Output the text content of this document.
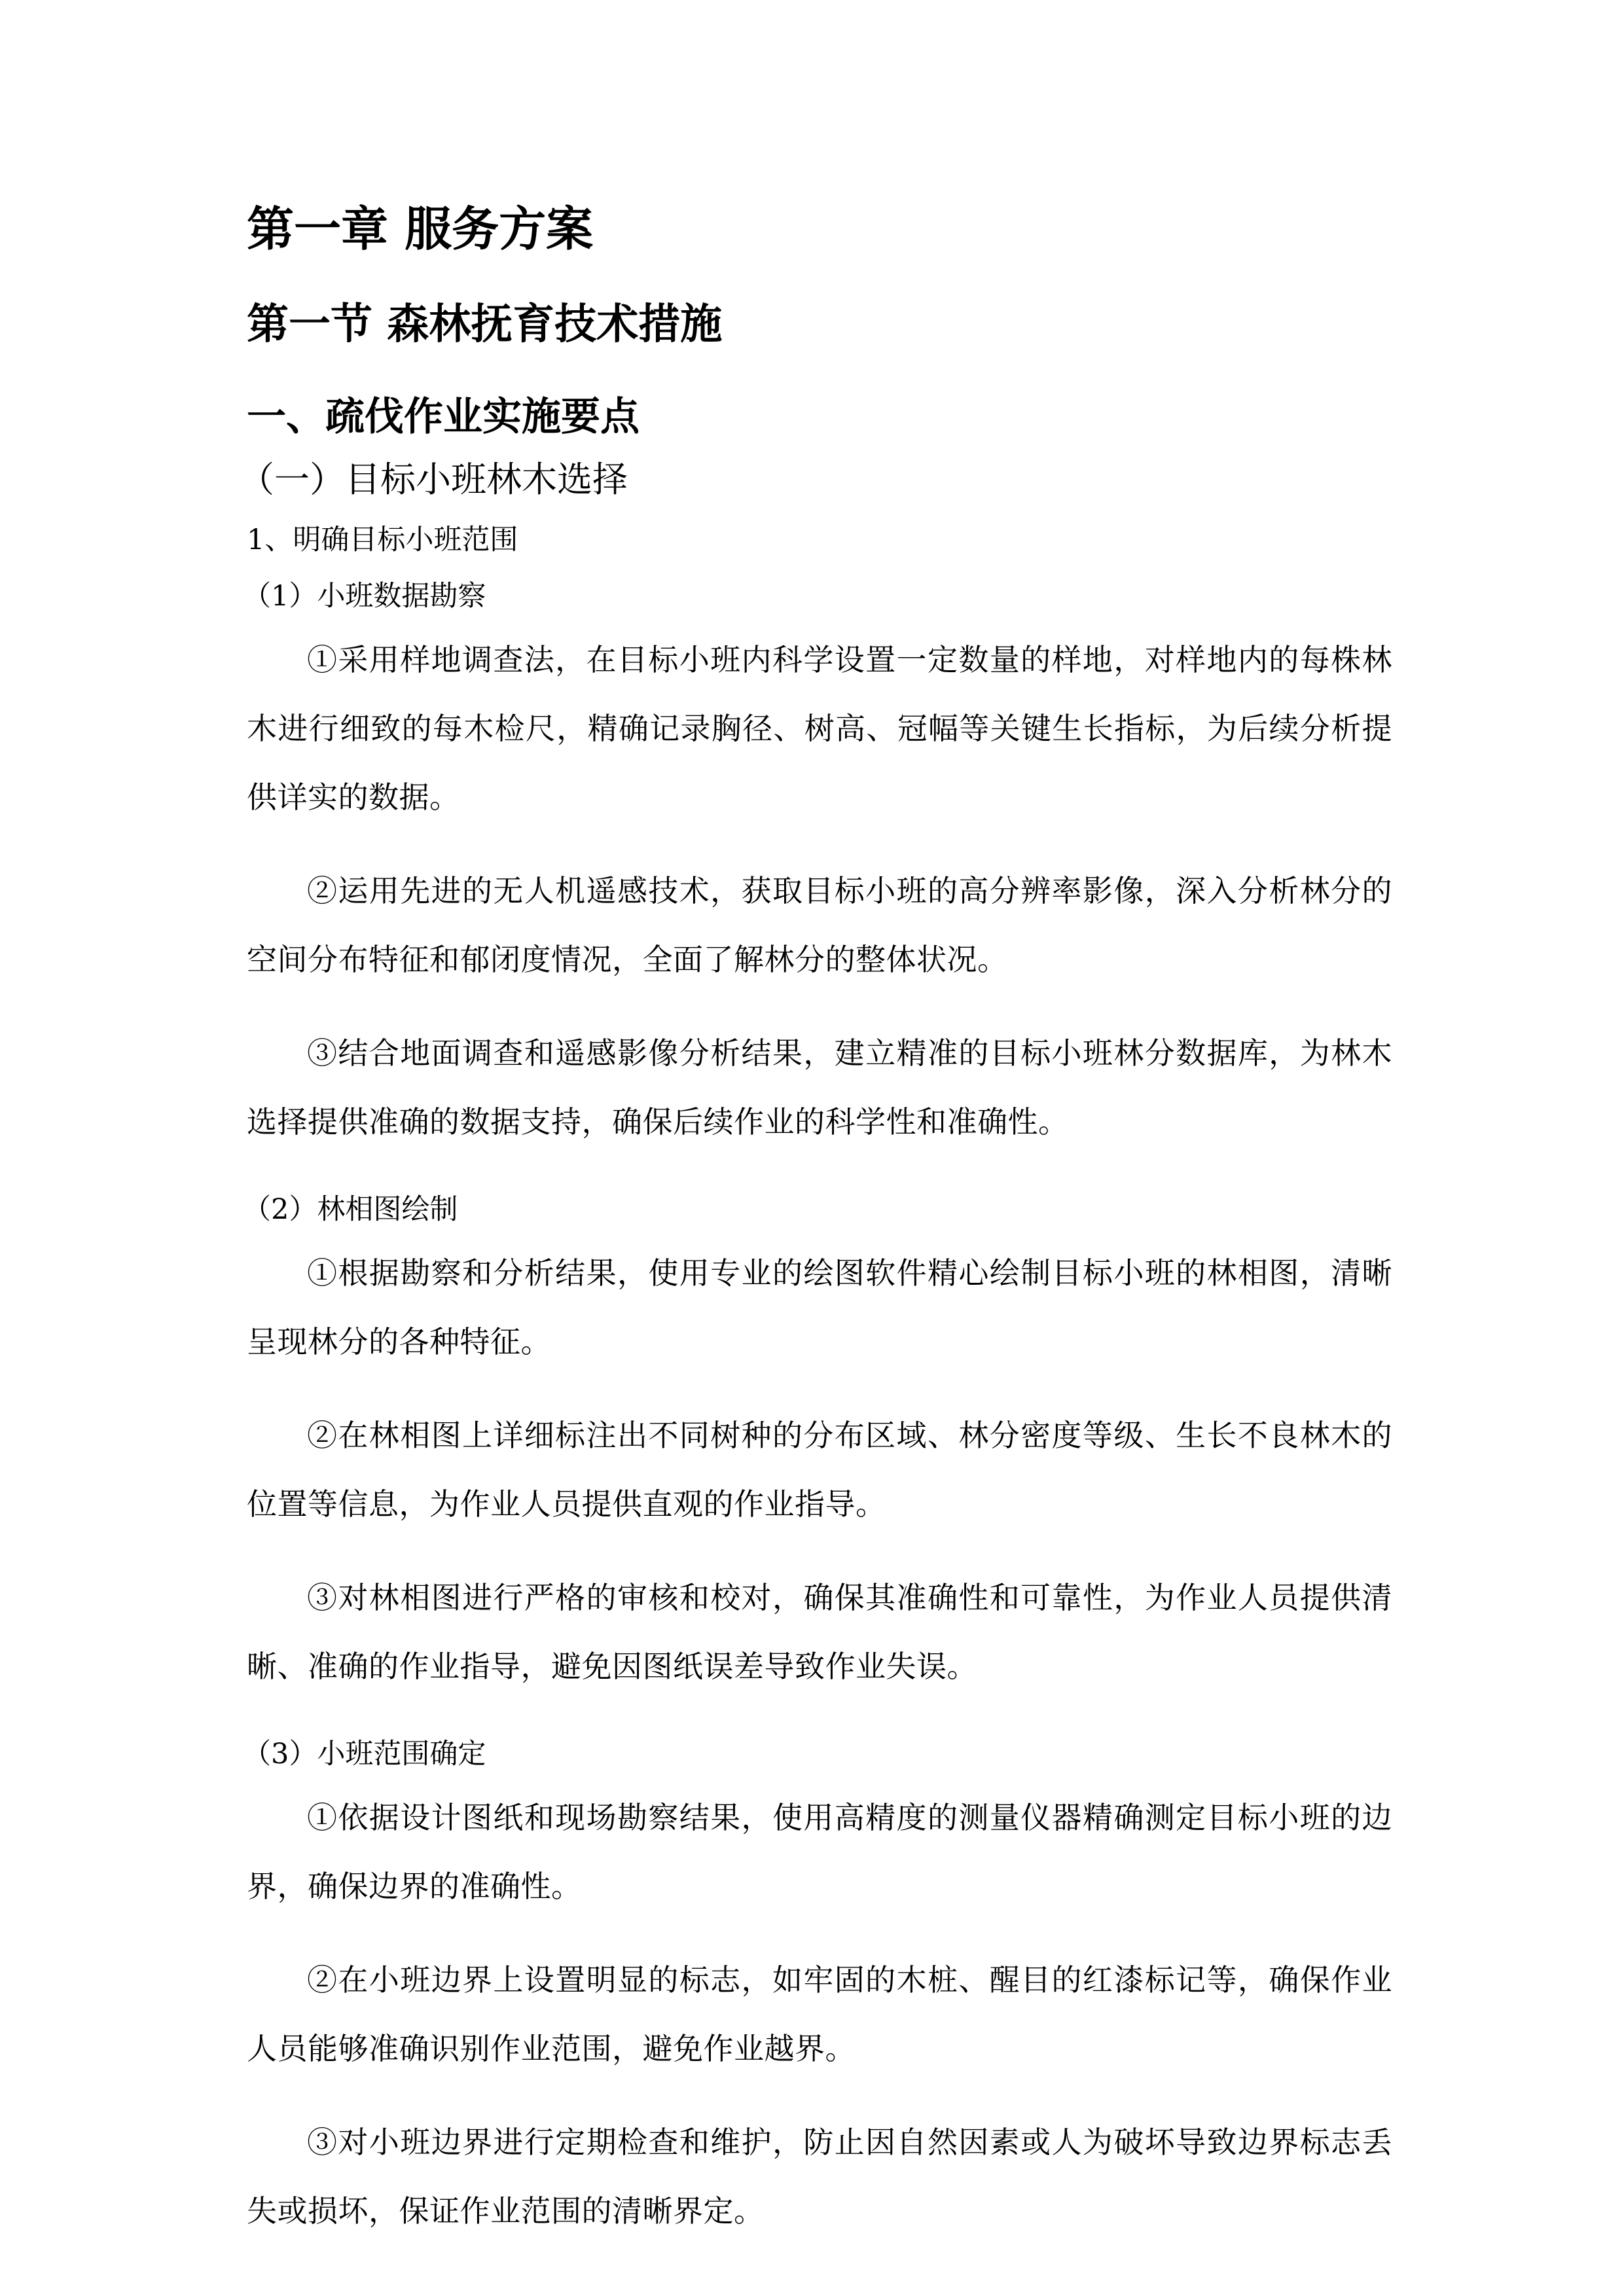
第一章 服务方案
第一节 森林抚育技术措施
一、疏伐作业实施要点
（一）目标小班林木选择
1、明确目标小班范围
（1）小班数据勘察

①采用样地调查法，在目标小班内科学设置一定数量的样地，对样地内的每株林木进行细致的每木检尺，精确记录胸径、树高、冠幅等关键生长指标，为后续分析提供详实的数据。

②运用先进的无人机遥感技术，获取目标小班的高分辨率影像，深入分析林分的空间分布特征和郁闭度情况，全面了解林分的整体状况。

③结合地面调查和遥感影像分析结果，建立精准的目标小班林分数据库，为林木选择提供准确的数据支持，确保后续作业的科学性和准确性。

（2）林相图绘制

①根据勘察和分析结果，使用专业的绘图软件精心绘制目标小班的林相图，清晰呈现林分的各种特征。

②在林相图上详细标注出不同树种的分布区域、林分密度等级、生长不良林木的位置等信息，为作业人员提供直观的作业指导。

③对林相图进行严格的审核和校对，确保其准确性和可靠性，为作业人员提供清晰、准确的作业指导，避免因图纸误差导致作业失误。

（3）小班范围确定

①依据设计图纸和现场勘察结果，使用高精度的测量仪器精确测定目标小班的边界，确保边界的准确性。

②在小班边界上设置明显的标志，如牢固的木桩、醒目的红漆标记等，确保作业人员能够准确识别作业范围，避免作业越界。

③对小班边界进行定期检查和维护，防止因自然因素或人为破坏导致边界标志丢失或损坏，保证作业范围的清晰界定。
